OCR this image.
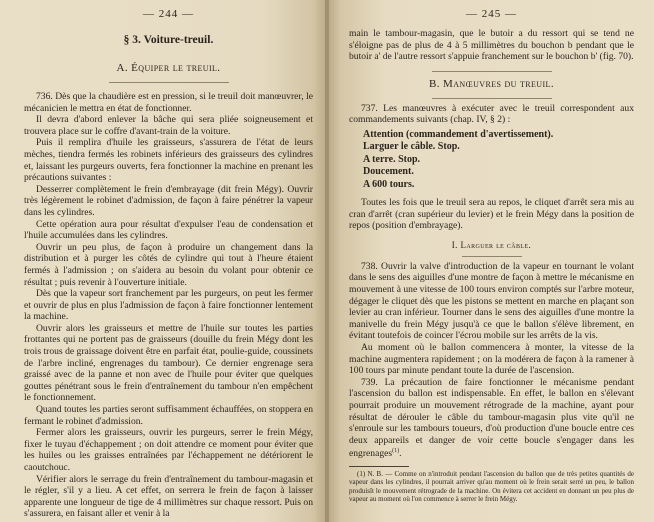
— 244 —
§ 3. Voiture-treuil.
A. Équiper le treuil.

736. Dès que la chaudière est en pression, si le treuil doit manœuvrer, le mécanicien le mettra en état de fonctionner.

Il devra d'abord enlever la bâche qui sera pliée soigneusement et trouvera place sur le coffre d'avant-train de la voiture.

Puis il remplira d'huile les graisseurs, s'assurera de l'état de leurs mèches, tiendra fermés les robinets inférieurs des graisseurs des cylindres et, laissant les purgeurs ouverts, fera fonctionner la machine en prenant les précautions suivantes :

Desserrer complètement le frein d'embrayage (dit frein Mégy). Ouvrir très légèrement le robinet d'admission, de façon à faire pénétrer la vapeur dans les cylindres.

Cette opération aura pour résultat d'expulser l'eau de condensation et l'huile accumulées dans les cylindres.

Ouvrir un peu plus, de façon à produire un changement dans la distribution et à purger les côtés de cylindre qui tout à l'heure étaient fermés à l'admission ; on s'aidera au besoin du volant pour obtenir ce résultat ; puis revenir à l'ouverture initiale.

Dès que la vapeur sort franchement par les purgeurs, on peut les fermer et ouvrir de plus en plus l'admission de façon à faire fonctionner lentement la machine.

Ouvrir alors les graisseurs et mettre de l'huile sur toutes les parties frottantes qui ne portent pas de graisseurs (douille du frein Mégy dont les trois trous de graissage doivent être en parfait état, poulie-guide, coussinets de l'arbre incliné, engrenages du tambour). Ce dernier engrenage sera graissé avec de la panne et non avec de l'huile pour éviter que quelques gouttes pénétrant sous le frein d'entraînement du tambour n'en empêchent le fonctionnement.

Quand toutes les parties seront suffisamment échauffées, on stoppera en fermant le robinet d'admission.

Fermer alors les graisseurs, ouvrir les purgeurs, serrer le frein Mégy, fixer le tuyau d'échappement ; on doit attendre ce moment pour éviter que les huiles ou les graisses entraînées par l'échappement ne détériorent le caoutchouc.

Vérifier alors le serrage du frein d'entraînement du tambour-magasin et le régler, s'il y a lieu. A cet effet, on serrera le frein de façon à laisser apparente une longueur de tige de 4 millimètres sur chaque ressort. Puis on s'assurera, en faisant aller et venir à la

— 245 —

main le tambour-magasin, que le butoir a du ressort qui se tend ne s'éloigne pas de plus de 4 à 5 millimètres du bouchon b pendant que le butoir a' de l'autre ressort s'appuie franchement sur le bouchon b' (fig. 70).

B. Manœuvres du treuil.

737. Les manœuvres à exécuter avec le treuil correspondent aux commandements suivants (chap. IV, § 2) :

Attention (commandement d'avertissement).
Larguer le câble. Stop.
A terre. Stop.
Doucement.
A 600 tours.

Toutes les fois que le treuil sera au repos, le cliquet d'arrêt sera mis au cran d'arrêt (cran supérieur du levier) et le frein Mégy dans la position de repos (position d'embrayage).

I. Larguer le câble.

738. Ouvrir la valve d'introduction de la vapeur en tournant le volant dans le sens des aiguilles d'une montre de façon à mettre le mécanisme en mouvement à une vitesse de 100 tours environ comptés sur l'arbre moteur, dégager le cliquet dès que les pistons se mettent en marche en plaçant son levier au cran inférieur. Tourner dans le sens des aiguilles d'une montre la manivelle du frein Mégy jusqu'à ce que le ballon s'élève librement, en évitant toutefois de coincer l'écrou mobile sur les arrêts de la vis.

Au moment où le ballon commencera à monter, la vitesse de la machine augmentera rapidement ; on la modérera de façon à la ramener à 100 tours par minute pendant toute la durée de l'ascension.

739. La précaution de faire fonctionner le mécanisme pendant l'ascension du ballon est indispensable. En effet, le ballon en s'élevant pourrait produire un mouvement rétrograde de la machine, ayant pour résultat de dérouler le câble du tambour-magasin plus vite qu'il ne s'enroule sur les tambours toueurs, d'où production d'une boucle entre ces deux appareils et danger de voir cette boucle s'engager dans les engrenages$^{(1)}$.

(1) N. B. — Comme on n'introduit pendant l'ascension du ballon que de très petites quantités de vapeur dans les cylindres, il pourrait arriver qu'au moment où le frein serait serré un peu, le ballon produisît le mouvement rétrograde de la machine. On évitera cet accident en donnant un peu plus de vapeur au moment où l'on commence à serrer le frein Mégy.
